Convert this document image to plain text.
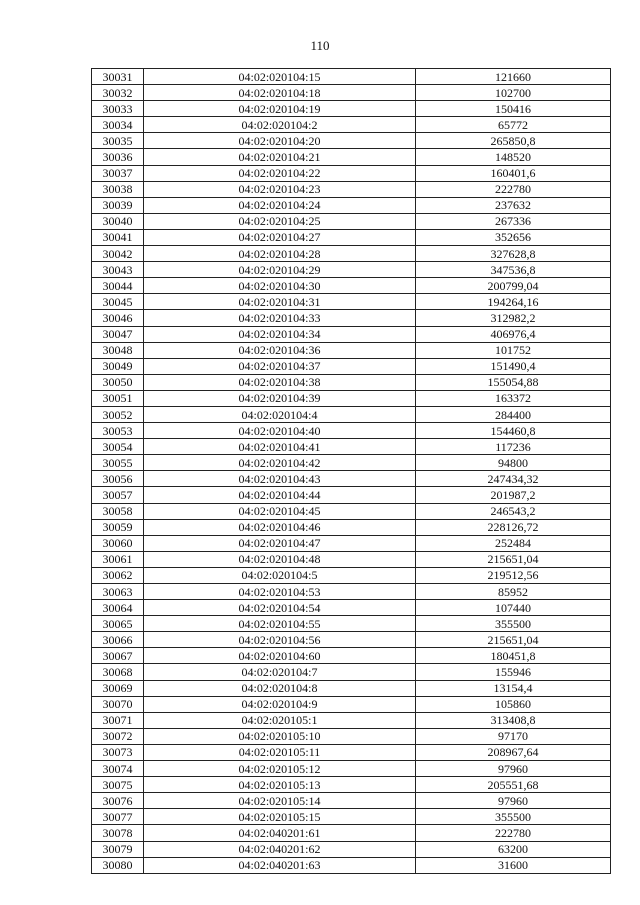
110
30031	04:02:020104:15	121660
30032	04:02:020104:18	102700
30033	04:02:020104:19	150416
30034	04:02:020104:2	65772
30035	04:02:020104:20	265850,8
30036	04:02:020104:21	148520
30037	04:02:020104:22	160401,6
30038	04:02:020104:23	222780
30039	04:02:020104:24	237632
30040	04:02:020104:25	267336
30041	04:02:020104:27	352656
30042	04:02:020104:28	327628,8
30043	04:02:020104:29	347536,8
30044	04:02:020104:30	200799,04
30045	04:02:020104:31	194264,16
30046	04:02:020104:33	312982,2
30047	04:02:020104:34	406976,4
30048	04:02:020104:36	101752
30049	04:02:020104:37	151490,4
30050	04:02:020104:38	155054,88
30051	04:02:020104:39	163372
30052	04:02:020104:4	284400
30053	04:02:020104:40	154460,8
30054	04:02:020104:41	117236
30055	04:02:020104:42	94800
30056	04:02:020104:43	247434,32
30057	04:02:020104:44	201987,2
30058	04:02:020104:45	246543,2
30059	04:02:020104:46	228126,72
30060	04:02:020104:47	252484
30061	04:02:020104:48	215651,04
30062	04:02:020104:5	219512,56
30063	04:02:020104:53	85952
30064	04:02:020104:54	107440
30065	04:02:020104:55	355500
30066	04:02:020104:56	215651,04
30067	04:02:020104:60	180451,8
30068	04:02:020104:7	155946
30069	04:02:020104:8	13154,4
30070	04:02:020104:9	105860
30071	04:02:020105:1	313408,8
30072	04:02:020105:10	97170
30073	04:02:020105:11	208967,64
30074	04:02:020105:12	97960
30075	04:02:020105:13	205551,68
30076	04:02:020105:14	97960
30077	04:02:020105:15	355500
30078	04:02:040201:61	222780
30079	04:02:040201:62	63200
30080	04:02:040201:63	31600
